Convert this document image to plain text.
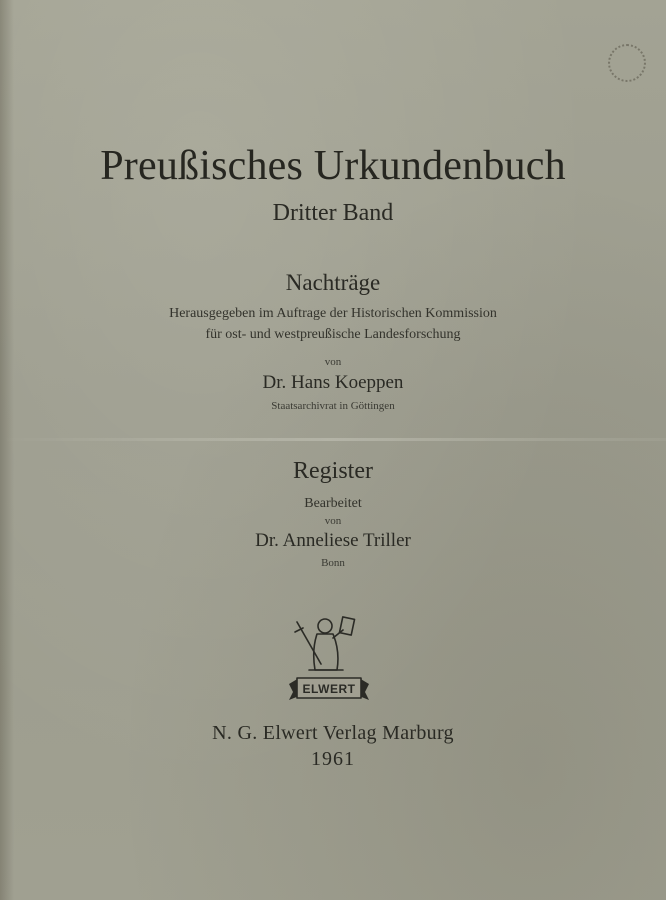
Preußisches Urkundenbuch
Dritter Band
Nachträge
Herausgegeben im Auftrage der Historischen Kommission
für ost- und westpreußische Landesforschung
von
Dr. Hans Koeppen
Staatsarchivrat in Göttingen
Register
Bearbeitet
von
Dr. Anneliese Triller
Bonn
ELWERT
N. G. Elwert Verlag Marburg
1961
